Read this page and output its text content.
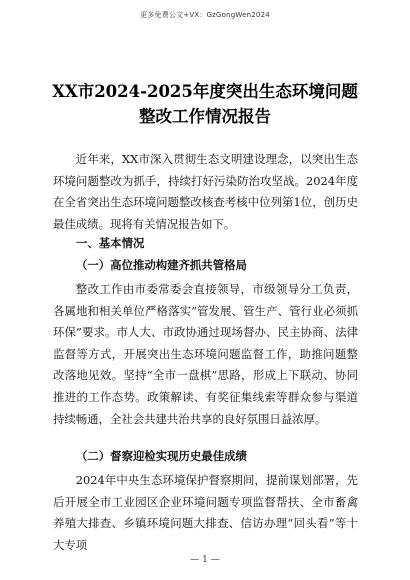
更多免费公文+VX：GzGongWen2024
XX市2024-2025年度突出生态环境问题
整改工作情况报告

近年来，XX市深入贯彻生态文明建设理念，以突出生态环境问题整改为抓手，持续打好污染防治攻坚战。2024年度在全省突出生态环境问题整改核查考核中位列第1位，创历史最佳成绩。现将有关情况报告如下。

一、基本情况
（一）高位推动构建齐抓共管格局

整改工作由市委常委会直接领导，市级领导分工负责，各属地和相关单位严格落实“管发展、管生产、管行业必须抓环保”要求。市人大、市政协通过现场督办、民主协商、法律监督等方式，开展突出生态环境问题监督工作，助推问题整改落地见效。坚持“全市一盘棋”思路，形成上下联动、协同推进的工作态势。政策解读、有奖征集线索等群众参与渠道持续畅通，全社会共建共治共享的良好氛围日益浓厚。

（二）督察迎检实现历史最佳成绩

2024年中央生态环境保护督察期间，提前谋划部署，先后开展全市工业园区企业环境问题专项监督帮扶、全市畜禽养殖大排查、乡镇环境问题大排查、信访办理“回头看”等十大专项

— 1 —
